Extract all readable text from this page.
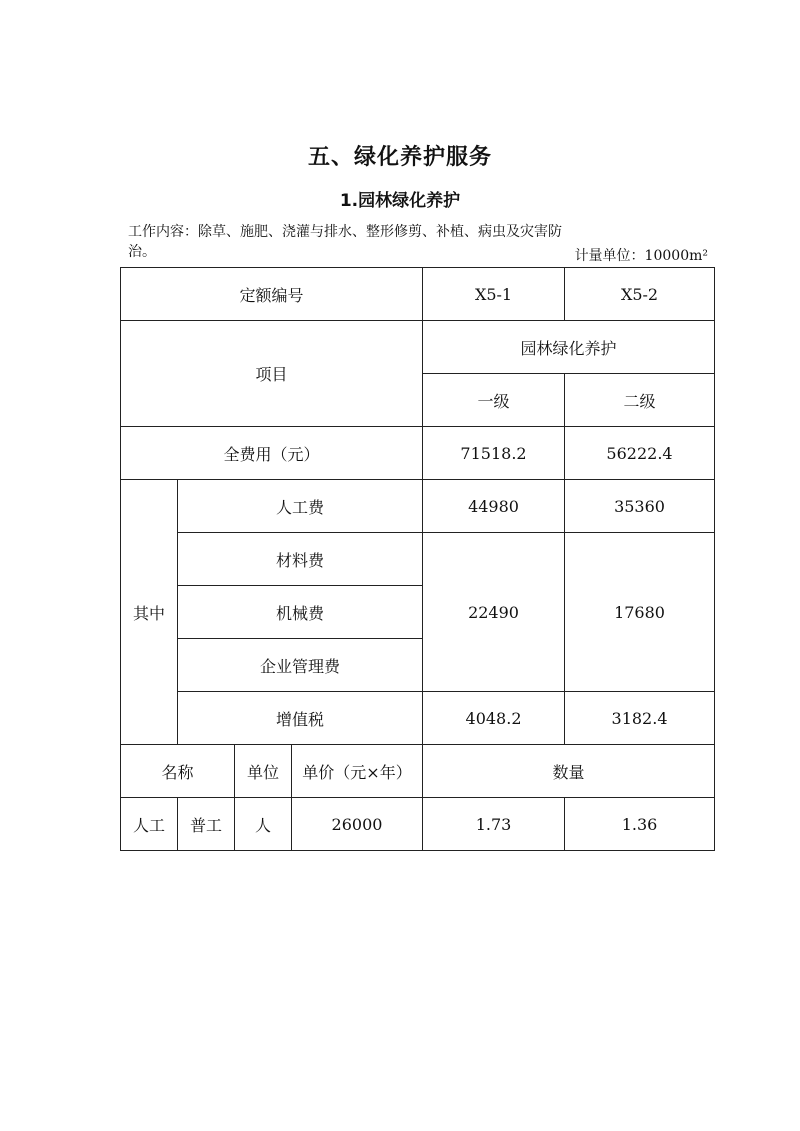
五、绿化养护服务
1.园林绿化养护
工作内容：除草、施肥、浇灌与排水、整形修剪、补植、病虫及灾害防治。	计量单位：10000m²
定额编号				X5-1	X5-2
项目				园林绿化养护	
				一级	二级
全费用（元）				71518.2	56222.4
其中	人工费			44980	35360
	材料费			22490	17680
	机械费				
	企业管理费				
	增值税			4048.2	3182.4
名称		单位	单价（元×年）	数量	
人工	普工	人	26000	1.73	1.36
